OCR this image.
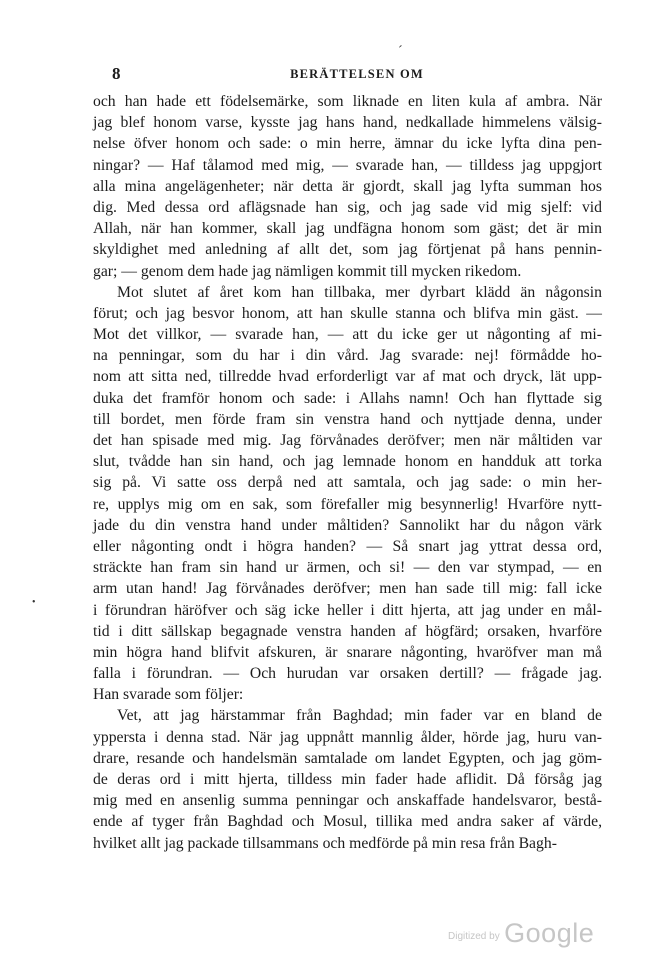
ˊ
8	BERÄTTELSEN OM
•
och han hade ett födelsemärke, som liknade en liten kula af ambra. När
jag blef honom varse, kysste jag hans hand, nedkallade himmelens välsig-
nelse öfver honom och sade: o min herre, ämnar du icke lyfta dina pen-
ningar? — Haf tålamod med mig, — svarade han, — tilldess jag uppgjort
alla mina angelägenheter; när detta är gjordt, skall jag lyfta summan hos
dig. Med dessa ord aflägsnade han sig, och jag sade vid mig sjelf: vid
Allah, när han kommer, skall jag undfägna honom som gäst; det är min
skyldighet med anledning af allt det, som jag förtjenat på hans pennin-
gar; — genom dem hade jag nämligen kommit till mycken rikedom.
Mot slutet af året kom han tillbaka, mer dyrbart klädd än någonsin
förut; och jag besvor honom, att han skulle stanna och blifva min gäst. —
Mot det villkor, — svarade han, — att du icke ger ut någonting af mi-
na penningar, som du har i din vård. Jag svarade: nej! förmådde ho-
nom att sitta ned, tillredde hvad erforderligt var af mat och dryck, lät upp-
duka det framför honom och sade: i Allahs namn! Och han flyttade sig
till bordet, men förde fram sin venstra hand och nyttjade denna, under
det han spisade med mig. Jag förvånades deröfver; men när måltiden var
slut, tvådde han sin hand, och jag lemnade honom en handduk att torka
sig på. Vi satte oss derpå ned att samtala, och jag sade: o min her-
re, upplys mig om en sak, som förefaller mig besynnerlig! Hvarföre nytt-
jade du din venstra hand under måltiden? Sannolikt har du någon värk
eller någonting ondt i högra handen? — Så snart jag yttrat dessa ord,
sträckte han fram sin hand ur ärmen, och si! — den var stympad, — en
arm utan hand! Jag förvånades deröfver; men han sade till mig: fall icke
i förundran häröfver och säg icke heller i ditt hjerta, att jag under en mål-
tid i ditt sällskap begagnade venstra handen af högfärd; orsaken, hvarföre
min högra hand blifvit afskuren, är snarare någonting, hvaröfver man må
falla i förundran. — Och hurudan var orsaken dertill? — frågade jag.
Han svarade som följer:
Vet, att jag härstammar från Baghdad; min fader var en bland de
yppersta i denna stad. När jag uppnått mannlig ålder, hörde jag, huru van-
drare, resande och handelsmän samtalade om landet Egypten, och jag göm-
de deras ord i mitt hjerta, tilldess min fader hade aflidit. Då försåg jag
mig med en ansenlig summa penningar och anskaffade handelsvaror, bestå-
ende af tyger från Baghdad och Mosul, tillika med andra saker af värde,
hvilket allt jag packade tillsammans och medförde på min resa från Bagh-
Digitized by Google
